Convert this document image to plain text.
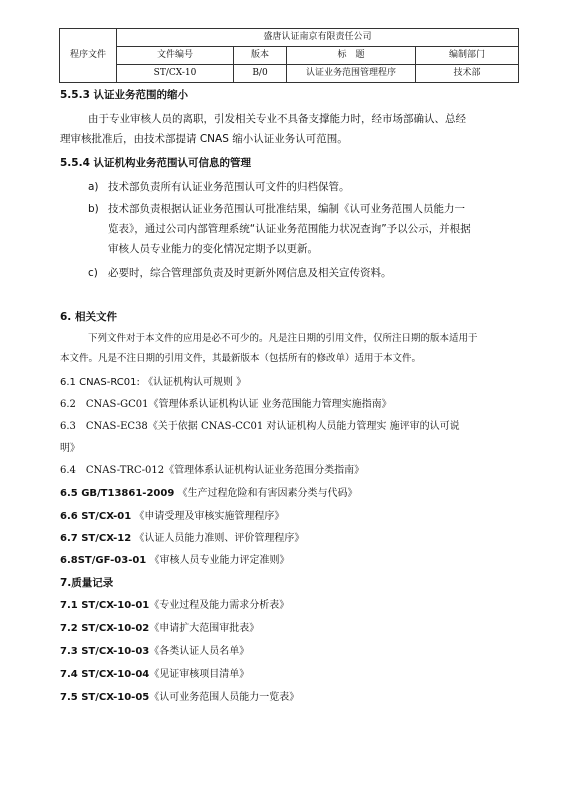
程序文件	盛唐认证南京有限责任公司			
	文件编号	版本	标　题	编制部门
	ST/CX-10	B/0	认证业务范围管理程序	技术部
5.5.3 认证业务范围的缩小
由于专业审核人员的离职，引发相关专业不具备支撑能力时，经市场部确认、总经
理审核批准后，由技术部提请 CNAS 缩小认证业务认可范围。
5.5.4 认证机构业务范围认可信息的管理
a) 技术部负责所有认证业务范围认可文件的归档保管。
b) 技术部负责根据认证业务范围认可批准结果，编制《认可业务范围人员能力一
览表》，通过公司内部管理系统“认证业务范围能力状况查询”予以公示，并根据
审核人员专业能力的变化情况定期予以更新。
c) 必要时，综合管理部负责及时更新外网信息及相关宣传资料。
6. 相关文件
下列文件对于本文件的应用是必不可少的。凡是注日期的引用文件，仅所注日期的版本适用于
本文件。凡是不注日期的引用文件，其最新版本（包括所有的修改单）适用于本文件。
6.1 CNAS-RC01: 《认证机构认可规则 》
6.2　CNAS-GC01《管理体系认证机构认证 业务范围能力管理实施指南》
6.3　CNAS-EC38《关于依据 CNAS-CC01 对认证机构人员能力管理实 施评审的认可说
明》
6.4　CNAS-TRC-012《管理体系认证机构认证业务范围分类指南》
6.5 GB/T13861-2009 《生产过程危险和有害因素分类与代码》
6.6 ST/CX-01 《申请受理及审核实施管理程序》
6.7 ST/CX-12 《认证人员能力准则、评价管理程序》
6.8ST/GF-03-01 《审核人员专业能力评定准则》
7.质量记录
7.1 ST/CX-10-01《专业过程及能力需求分析表》
7.2 ST/CX-10-02《申请扩大范围审批表》
7.3 ST/CX-10-03《各类认证人员名单》
7.4 ST/CX-10-04《见证审核项目清单》
7.5 ST/CX-10-05《认可业务范围人员能力一览表》
